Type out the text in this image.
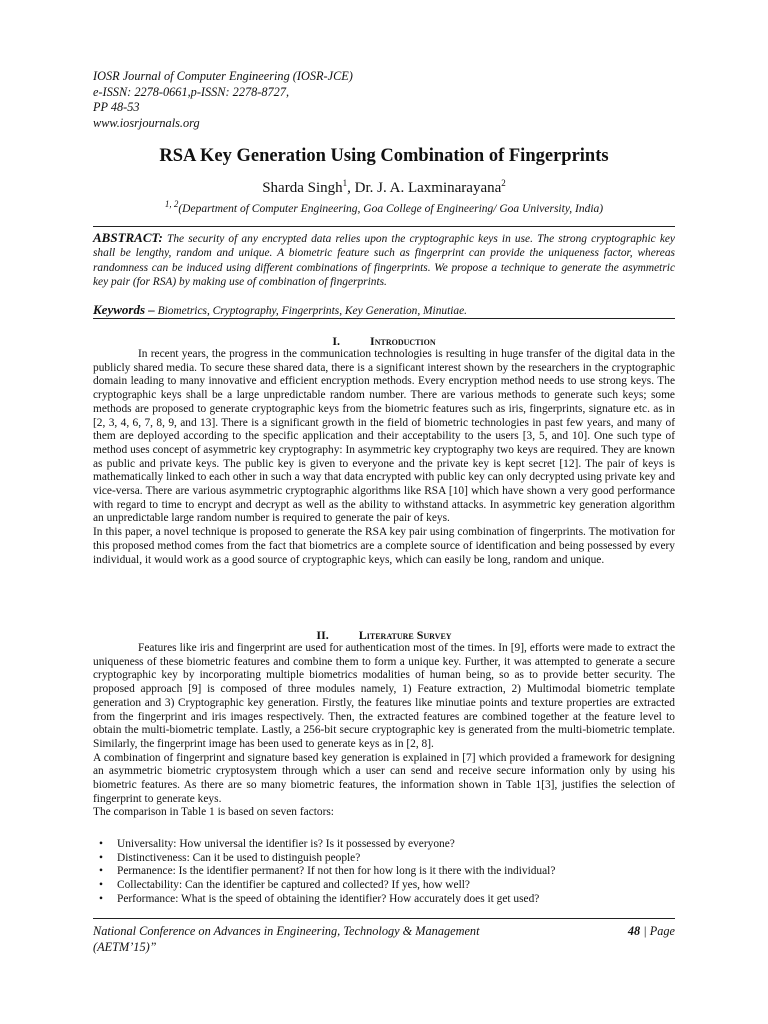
IOSR Journal of Computer Engineering (IOSR-JCE)
e-ISSN: 2278-0661,p-ISSN: 2278-8727,
PP 48-53
www.iosrjournals.org
RSA Key Generation Using Combination of Fingerprints
Sharda Singh$^1$, Dr. J. A. Laxminarayana$^2$
$^{1, 2}$(Department of Computer Engineering, Goa College of Engineering/ Goa University, India)
ABSTRACT: The security of any encrypted data relies upon the cryptographic keys in use. The strong cryptographic key shall be lengthy, random and unique. A biometric feature such as fingerprint can provide the uniqueness factor, whereas randomness can be induced using different combinations of fingerprints. We propose a technique to generate the asymmetric key pair (for RSA) by making use of combination of fingerprints.
Keywords – Biometrics, Cryptography, Fingerprints, Key Generation, Minutiae.
I.	Introduction

In recent years, the progress in the communication technologies is resulting in huge transfer of the digital data in the publicly shared media. To secure these shared data, there is a significant interest shown by the researchers in the cryptographic domain leading to many innovative and efficient encryption methods. Every encryption method needs to use strong keys. The cryptographic keys shall be a large unpredictable random number. There are various methods to generate such keys; some methods are proposed to generate cryptographic keys from the biometric features such as iris, fingerprints, signature etc. as in [2, 3, 4, 6, 7, 8, 9, and 13]. There is a significant growth in the field of biometric technologies in past few years, and many of them are deployed according to the specific application and their acceptability to the users [3, 5, and 10]. One such type of method uses concept of asymmetric key cryptography: In asymmetric key cryptography two keys are required. They are known as public and private keys. The public key is given to everyone and the private key is kept secret [12]. The pair of keys is mathematically linked to each other in such a way that data encrypted with public key can only decrypted using private key and vice-versa. There are various asymmetric cryptographic algorithms like RSA [10] which have shown a very good performance with regard to time to encrypt and decrypt as well as the ability to withstand attacks. In asymmetric key generation algorithm an unpredictable large random number is required to generate the pair of keys.

In this paper, a novel technique is proposed to generate the RSA key pair using combination of fingerprints. The motivation for this proposed method comes from the fact that biometrics are a complete source of identification and being possessed by every individual, it would work as a good source of cryptographic keys, which can easily be long, random and unique.

II.	Literature Survey

Features like iris and fingerprint are used for authentication most of the times. In [9], efforts were made to extract the uniqueness of these biometric features and combine them to form a unique key. Further, it was attempted to generate a secure cryptographic key by incorporating multiple biometrics modalities of human being, so as to provide better security. The proposed approach [9] is composed of three modules namely, 1) Feature extraction, 2) Multimodal biometric template generation and 3) Cryptographic key generation. Firstly, the features like minutiae points and texture properties are extracted from the fingerprint and iris images respectively. Then, the extracted features are combined together at the feature level to obtain the multi-biometric template. Lastly, a 256-bit secure cryptographic key is generated from the multi-biometric template. Similarly, the fingerprint image has been used to generate keys as in [2, 8].

A combination of fingerprint and signature based key generation is explained in [7] which provided a framework for designing an asymmetric biometric cryptosystem through which a user can send and receive secure information only by using his biometric features. As there are so many biometric features, the information shown in Table 1[3], justifies the selection of fingerprint to generate keys.

The comparison in Table 1 is based on seven factors:

• Universality: How universal the identifier is? Is it possessed by everyone?
• Distinctiveness: Can it be used to distinguish people?
• Permanence: Is the identifier permanent? If not then for how long is it there with the individual?
• Collectability: Can the identifier be captured and collected? If yes, how well?
• Performance: What is the speed of obtaining the identifier? How accurately does it get used?
National Conference on Advances in Engineering, Technology & Management
(AETM’15)”
48 | Page
